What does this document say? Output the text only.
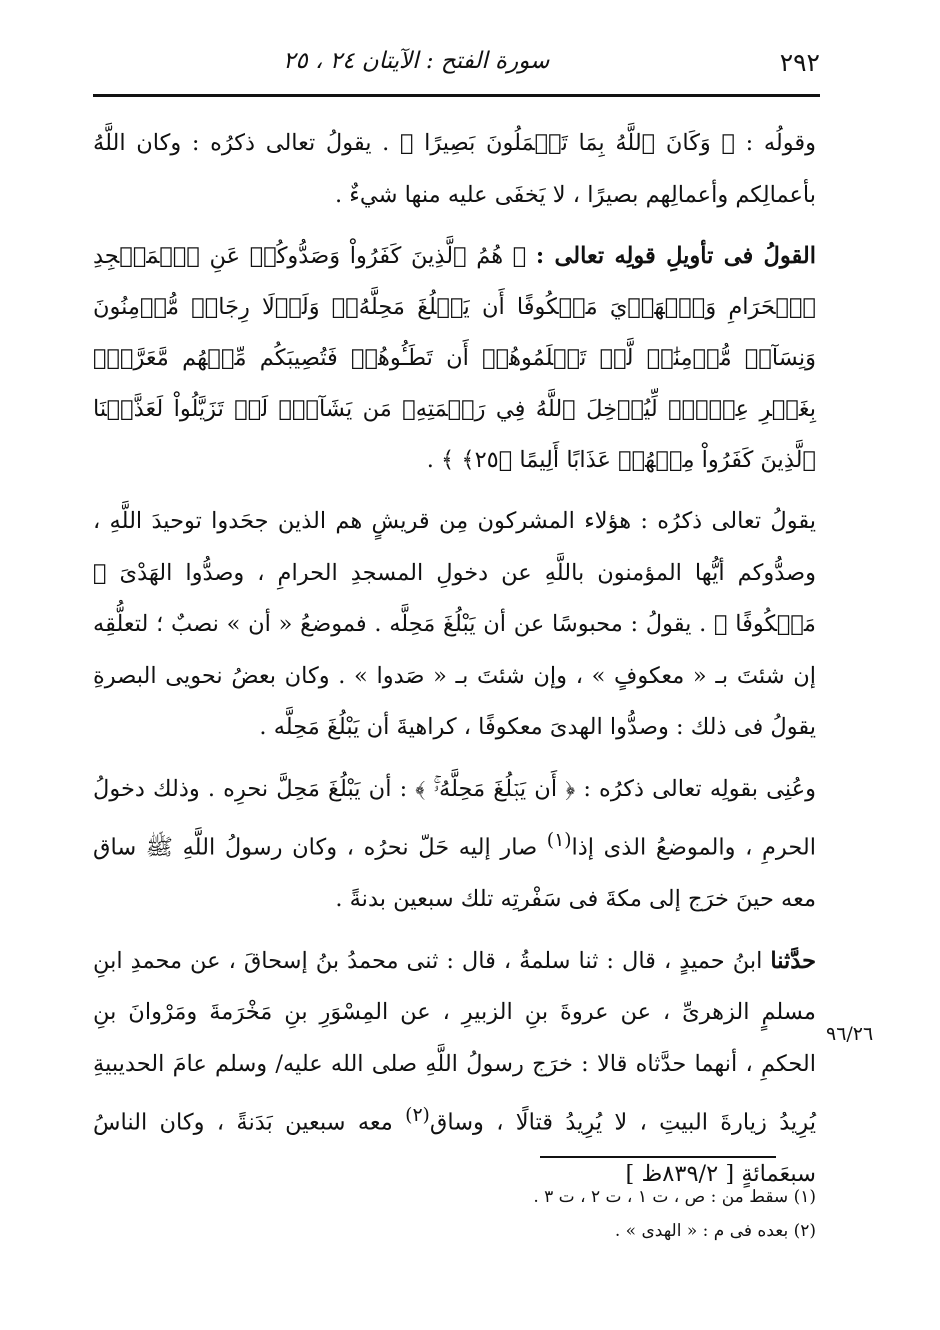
سورة الفتح : الآيتان ٢٤ ، ٢٥	٢٩٢

وقولُه : ﴿ وَكَانَ ٱللَّهُ بِمَا تَعۡمَلُونَ بَصِيرًا ﴾ . يقولُ تعالى ذكرُه : وكان اللَّهُ بأعمالِكم وأعمالِهم بصيرًا ، لا يَخفَى عليه منها شيءٌ .

القولُ فى تأويلِ قولِه تعالى : ﴿ هُمُ ٱلَّذِينَ كَفَرُواْ وَصَدُّوكُمۡ عَنِ ٱلۡمَسۡجِدِ ٱلۡحَرَامِ وَٱلۡهَدۡيَ مَعۡكُوفًا أَن يَبۡلُغَ مَحِلَّهُۥۚ وَلَوۡلَا رِجَالٞ مُّؤۡمِنُونَ وَنِسَآءٞ مُّؤۡمِنَٰتٞ لَّمۡ تَعۡلَمُوهُمۡ أَن تَطَـُٔوهُمۡ فَتُصِيبَكُم مِّنۡهُم مَّعَرَّةُۢ بِغَيۡرِ عِلۡمٖۖ لِّيُدۡخِلَ ٱللَّهُ فِي رَحۡمَتِهِۦ مَن يَشَآءُۚ لَوۡ تَزَيَّلُواْ لَعَذَّبۡنَا ٱلَّذِينَ كَفَرُواْ مِنۡهُمۡ عَذَابًا أَلِيمًا ﴿٢٥﴾ ﴾ .

يقولُ تعالى ذكرُه : هؤلاء المشركون مِن قريشٍ هم الذين جحَدوا توحيدَ اللَّهِ ، وصدُّوكم أيُّها المؤمنون باللَّهِ عن دخولِ المسجدِ الحرامِ ، وصدُّوا الهَدْىَ ﴿ مَعۡكُوفًا ﴾ . يقولُ : محبوسًا عن أن يَبْلُغَ مَحِلَّه . فموضعُ « أن » نصبٌ ؛ لتعلُّقِه إن شئتَ بـ « معكوفٍ » ، وإن شئتَ بـ « صَدوا » . وكان بعضُ نحويى البصرةِ يقولُ فى ذلك : وصدُّوا الهدىَ معكوفًا ، كراهيةَ أن يَبْلُغَ مَحِلَّه .

وعُنِى بقولِه تعالى ذكرُه : ﴿ أَن يَبۡلُغَ مَحِلَّهُۥۚ ﴾ : أن يَبْلُغَ مَحِلَّ نحرِه . وذلك دخولُ الحرمِ ، والموضعُ الذى إذا$^{(١)}$ صار إليه حَلّ نحرُه ، وكان رسولُ اللَّهِ ﷺ ساق معه حينَ خرَج إلى مكةَ فى سَفْرتِه تلك سبعين بدنةً .

حدَّثنا ابنُ حميدٍ ، قال : ثنا سلمةُ ، قال : ثنى محمدُ بنُ إسحاقَ ، عن محمدِ ابنِ مسلمٍ الزهرىِّ ، عن عروةَ بنِ الزبيرِ ، عن المِسْوَرِ بنِ مَخْرَمةَ ومَرْوانَ بنِ الحكمِ ، أنهما حدَّثاه قالا : خرَج رسولُ اللَّهِ صلى الله عليه/ وسلم عامَ الحديبيةِ يُرِيدُ زيارةَ البيتِ ، لا يُرِيدُ قتالًا ، وساق$^{(٢)}$ معه سبعين بَدَنةً ، وكان الناسُ سبعَمائةٍ [ ٨٣٩/٢ظ ]

٩٦/٢٦

(١) سقط من : ص ، ت ١ ، ت ٢ ، ت ٣ .

(٢) بعده فى م : « الهدى » .
